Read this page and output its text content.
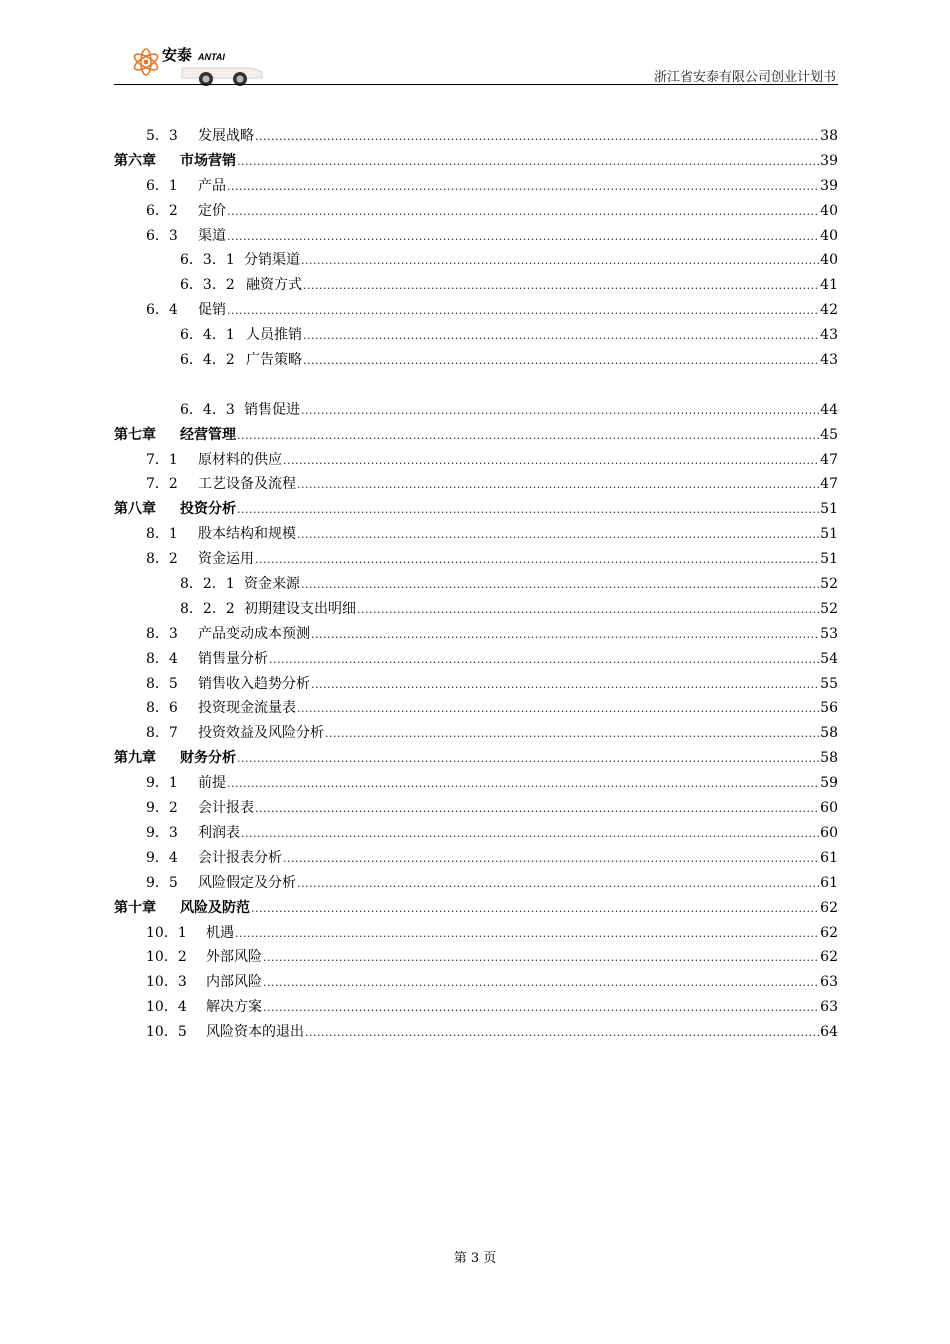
安泰 ANTAI
浙江省安泰有限公司创业计划书
5．3	发展战略 .....	38
第六章	市场营销 .....	39
6．1	产品 .....	39
6．2	定价 .....	40
6．3	渠道 .....	40
6．3．1 分销渠道 .....	40
6．3．2 融资方式 .....	41
6．4	促销 .....	42
6．4．1 人员推销 .....	43
6．4．2 广告策略 .....	43
6．4．3 销售促进 .....	44
第七章	经营管理 .....	45
7．1	原材料的供应 .....	47
7．2	工艺设备及流程 .....	47
第八章	投资分析 .....	51
8．1	股本结构和规模 .....	51
8．2	资金运用 .....	51
8．2．1 资金来源 .....	52
8．2．2 初期建设支出明细 .....	52
8．3	产品变动成本预测 .....	53
8．4	销售量分析 .....	54
8．5	销售收入趋势分析 .....	55
8．6	投资现金流量表 .....	56
8．7	投资效益及风险分析 .....	58
第九章	财务分析 .....	58
9．1	前提 .....	59
9．2	会计报表 .....	60
9．3	利润表 .....	60
9．4	会计报表分析 .....	61
9．5	风险假定及分析 .....	61
第十章	风险及防范 .....	62
10．1	机遇 .....	62
10．2	外部风险 .....	62
10．3	内部风险 .....	63
10．4	解决方案 .....	63
10．5	风险资本的退出 .....	64
第 3 页
